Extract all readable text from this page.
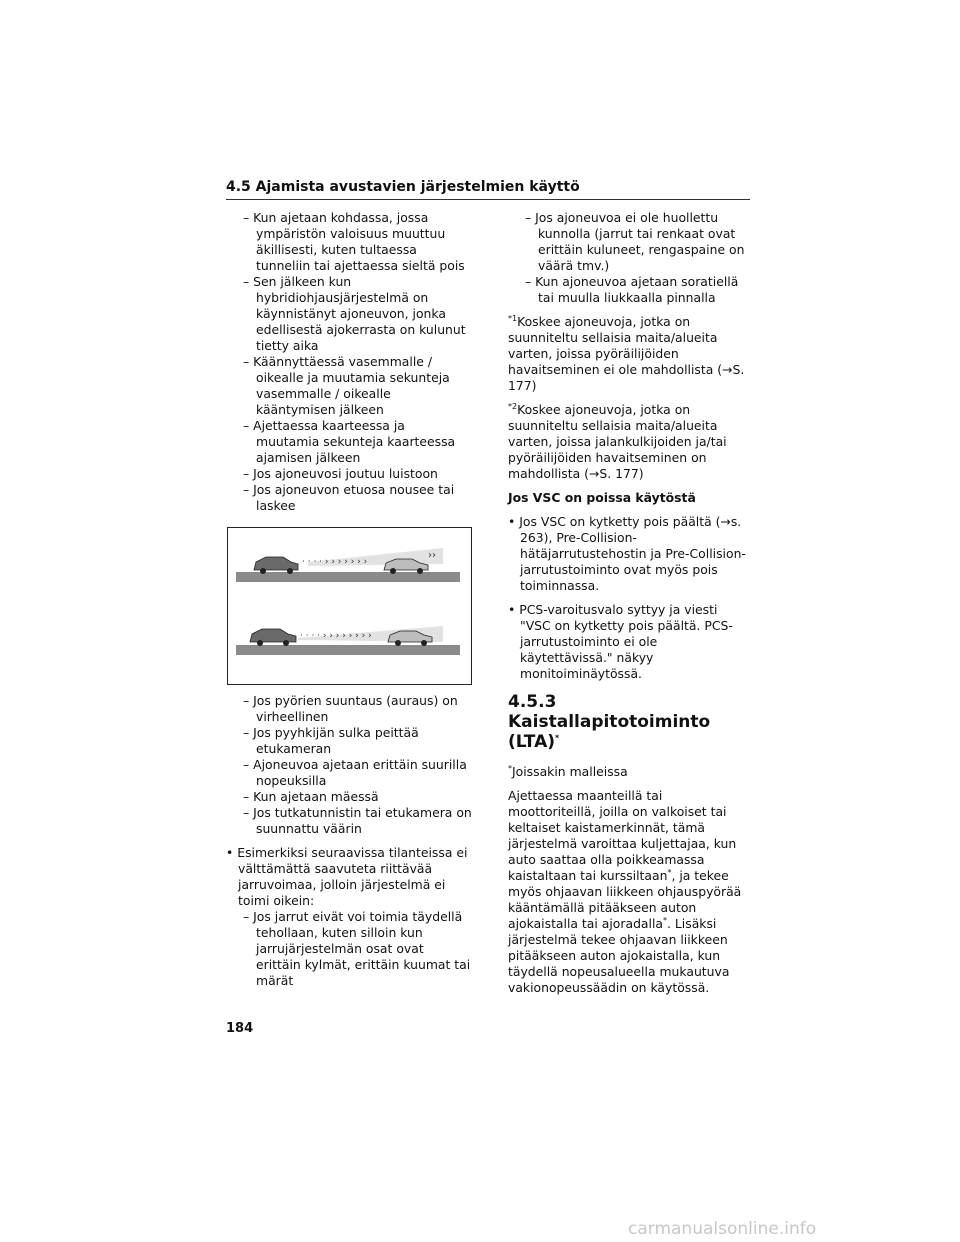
4.5 Ajamista avustavien järjestelmien käyttö
– Kun ajetaan kohdassa, jossa ympäristön valoisuus muuttuu äkillisesti, kuten tultaessa tunneliin tai ajettaessa sieltä pois
– Sen jälkeen kun hybridiohjausjärjestelmä on käynnistänyt ajoneuvon, jonka edellisestä ajokerrasta on kulunut tietty aika
– Käännyttäessä vasemmalle / oikealle ja muutamia sekunteja vasemmalle / oikealle kääntymisen jälkeen
– Ajettaessa kaarteessa ja muutamia sekunteja kaarteessa ajamisen jälkeen
– Jos ajoneuvosi joutuu luistoon
– Jos ajoneuvon etuosa nousee tai laskee
· · · · › › › › › › ›
››
· · · · › › › › › › › ›
– Jos pyörien suuntaus (auraus) on virheellinen
– Jos pyyhkijän sulka peittää etukameran
– Ajoneuvoa ajetaan erittäin suurilla nopeuksilla
– Kun ajetaan mäessä
– Jos tutkatunnistin tai etukamera on suunnattu väärin
• Esimerkiksi seuraavissa tilanteissa ei välttämättä saavuteta riittävää jarruvoimaa, jolloin järjestelmä ei toimi oikein:
– Jos jarrut eivät voi toimia täydellä tehollaan, kuten silloin kun jarrujärjestelmän osat ovat erittäin kylmät, erittäin kuumat tai märät
– Jos ajoneuvoa ei ole huollettu kunnolla (jarrut tai renkaat ovat erittäin kuluneet, rengaspaine on väärä tmv.)
– Kun ajoneuvoa ajetaan soratiellä tai muulla liukkaalla pinnalla
$^{*1}$Koskee ajoneuvoja, jotka on suunniteltu sellaisia maita/alueita varten, joissa pyöräilijöiden havaitseminen ei ole mahdollista (→S. 177)
$^{*2}$Koskee ajoneuvoja, jotka on suunniteltu sellaisia maita/alueita varten, joissa jalankulkijoiden ja/tai pyöräilijöiden havaitseminen on mahdollista (→S. 177)
Jos VSC on poissa käytöstä
• Jos VSC on kytketty pois päältä (→s. 263), Pre-Collision-hätäjarrutustehostin ja Pre-Collision-jarrutustoiminto ovat myös pois toiminnassa.
• PCS-varoitusvalo syttyy ja viesti "VSC on kytketty pois päältä. PCS-jarrutustoiminto ei ole käytettävissä." näkyy monitoiminäytössä.
4.5.3 Kaistallapitotoiminto (LTA)*
*Joissakin malleissa
Ajettaessa maanteillä tai moottoriteillä, joilla on valkoiset tai keltaiset kaistamerkinnät, tämä järjestelmä varoittaa kuljettajaa, kun auto saattaa olla poikkeamassa kaistaltaan tai kurssiltaan*, ja tekee myös ohjaavan liikkeen ohjauspyörää kääntämällä pitääkseen auton ajokaistalla tai ajoradalla*. Lisäksi järjestelmä tekee ohjaavan liikkeen pitääkseen auton ajokaistalla, kun täydellä nopeusalueella mukautuva vakionopeussäädin on käytössä.
184
carmanualsonline.info
